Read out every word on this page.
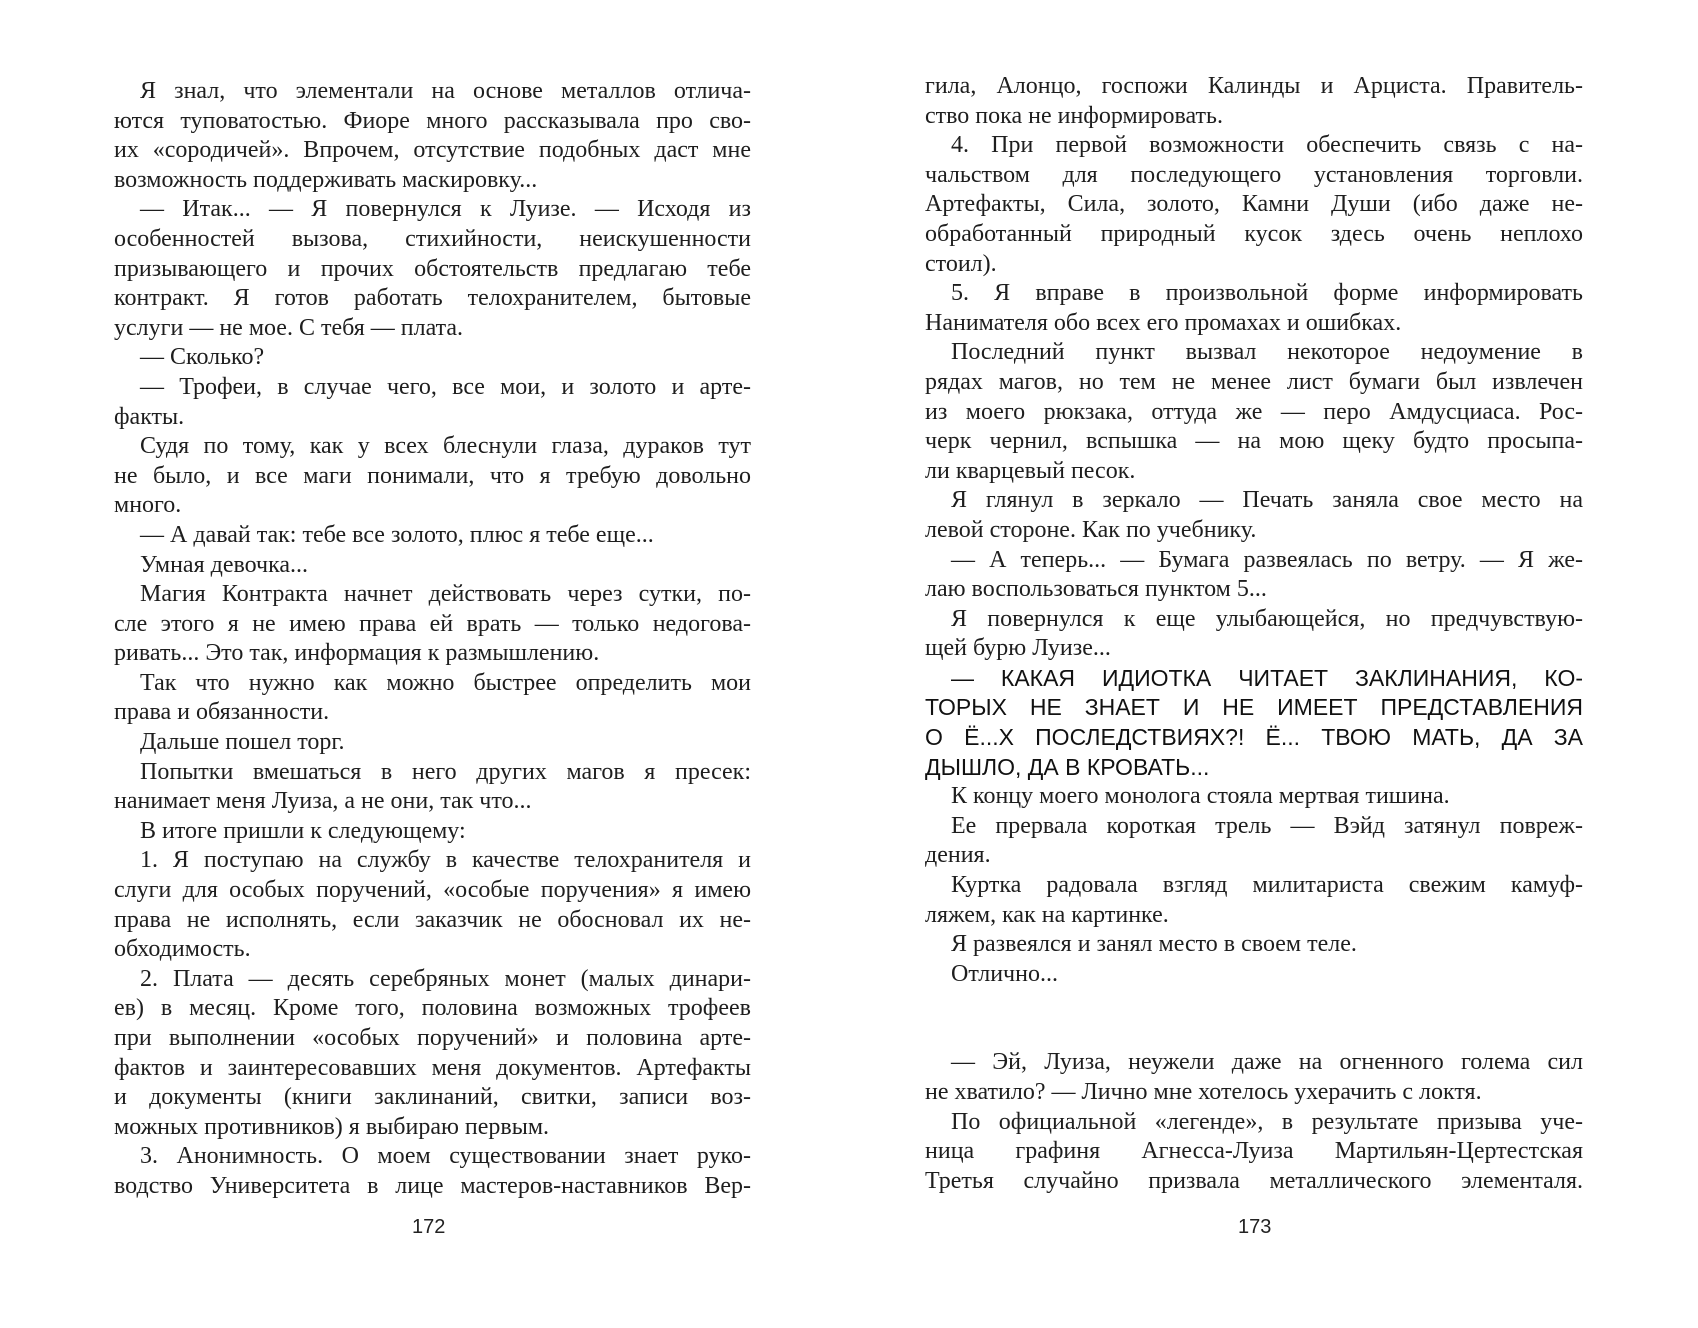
Я знал, что элементали на основе металлов отлича-
ются туповатостью. Фиоре много рассказывала про сво-
их «сородичей». Впрочем, отсутствие подобных даст мне
возможность поддерживать маскировку...
— Итак... — Я повернулся к Луизе. — Исходя из
особенностей вызова, стихийности, неискушенности
призывающего и прочих обстоятельств предлагаю тебе
контракт. Я готов работать телохранителем, бытовые
услуги — не мое. С тебя — плата.
— Сколько?
— Трофеи, в случае чего, все мои, и золото и арте-
факты.
Судя по тому, как у всех блеснули глаза, дураков тут
не было, и все маги понимали, что я требую довольно
много.
— А давай так: тебе все золото, плюс я тебе еще...
Умная девочка...
Магия Контракта начнет действовать через сутки, по-
сле этого я не имею права ей врать — только недогова-
ривать... Это так, информация к размышлению.
Так что нужно как можно быстрее определить мои
права и обязанности.
Дальше пошел торг.
Попытки вмешаться в него других магов я пресек:
нанимает меня Луиза, а не они, так что...
В итоге пришли к следующему:
1. Я поступаю на службу в качестве телохранителя и
слуги для особых поручений, «особые поручения» я имею
права не исполнять, если заказчик не обосновал их не-
обходимость.
2. Плата — десять серебряных монет (малых динари-
ев) в месяц. Кроме того, половина возможных трофеев
при выполнении «особых поручений» и половина арте-
фактов и заинтересовавших меня документов. Артефакты
и документы (книги заклинаний, свитки, записи воз-
можных противников) я выбираю первым.
3. Анонимность. О моем существовании знает руко-
водство Университета в лице мастеров-наставников Вер-
гила, Алонцо, госпожи Калинды и Арциста. Правитель-
ство пока не информировать.
4. При первой возможности обеспечить связь с на-
чальством для последующего установления торговли.
Артефакты, Сила, золото, Камни Души (ибо даже не-
обработанный природный кусок здесь очень неплохо
стоил).
5. Я вправе в произвольной форме информировать
Нанимателя обо всех его промахах и ошибках.
Последний пункт вызвал некоторое недоумение в
рядах магов, но тем не менее лист бумаги был извлечен
из моего рюкзака, оттуда же — перо Амдусциаса. Рос-
черк чернил, вспышка — на мою щеку будто просыпа-
ли кварцевый песок.
Я глянул в зеркало — Печать заняла свое место на
левой стороне. Как по учебнику.
— А теперь... — Бумага развеялась по ветру. — Я же-
лаю воспользоваться пунктом 5...
Я повернулся к еще улыбающейся, но предчувствую-
щей бурю Луизе...
— КАКАЯ ИДИОТКА ЧИТАЕТ ЗАКЛИНАНИЯ, КО-
ТОРЫХ НЕ ЗНАЕТ И НЕ ИМЕЕТ ПРЕДСТАВЛЕНИЯ
О Ё...Х ПОСЛЕДСТВИЯХ?! Ё... ТВОЮ МАТЬ, ДА ЗА
ДЫШЛО, ДА В КРОВАТЬ...
К концу моего монолога стояла мертвая тишина.
Ее прервала короткая трель — Вэйд затянул повреж-
дения.
Куртка радовала взгляд милитариста свежим камуф-
ляжем, как на картинке.
Я развеялся и занял место в своем теле.
Отлично...
— Эй, Луиза, неужели даже на огненного голема сил
не хватило? — Лично мне хотелось ухерачить с локтя.
По официальной «легенде», в результате призыва уче-
ница графиня Агнесса-Луиза Мартильян-Цертестская
Третья случайно призвала металлического элементаля.
172	173
